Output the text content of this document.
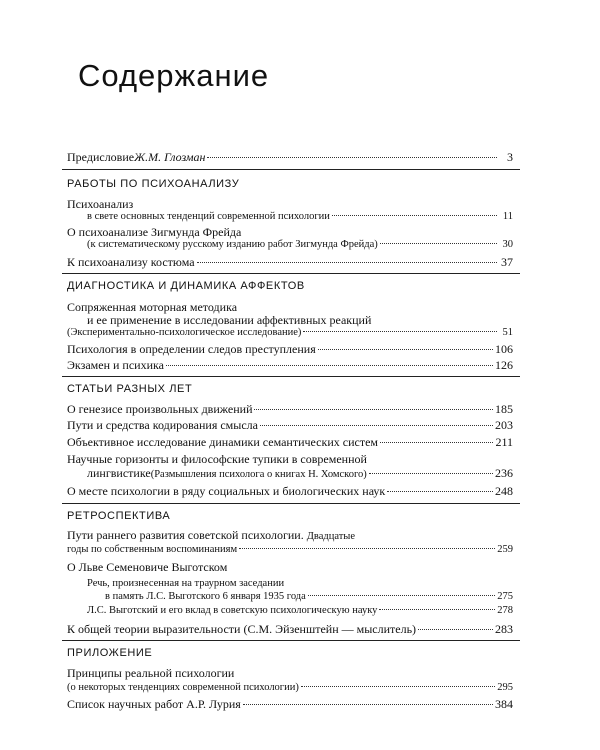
Содержание
Предисловие Ж.М. Глозман	3
РАБОТЫ ПО ПСИХОАНАЛИЗУ
Психоанализ
в свете основных тенденций современной психологии	11
О психоанализе Зигмунда Фрейда
(к систематическому русскому изданию работ Зигмунда Фрейда)	30
К психоанализу костюма	37
ДИАГНОСТИКА И ДИНАМИКА АФФЕКТОВ
Сопряженная моторная методика
и ее применение в исследовании аффективных реакций
(Экспериментально-психологическое исследование)	51
Психология в определении следов преступления	106
Экзамен и психика	126
СТАТЬИ РАЗНЫХ ЛЕТ
О генезисе произвольных движений	185
Пути и средства кодирования смысла	203
Объективное исследование динамики семантических систем	211
Научные горизонты и философские тупики в современной
лингвистике (Размышления психолога о книгах Н. Хомского)	236
О месте психологии в ряду социальных и биологических наук	248
РЕТРОСПЕКТИВА
Пути раннего развития советской психологии. Двадцатые
годы по собственным воспоминаниям	259
О Льве Семеновиче Выготском
Речь, произнесенная на траурном заседании
в память Л.С. Выготского 6 января 1935 года	275
Л.С. Выготский и его вклад в советскую психологическую науку	278
К общей теории выразительности (С.М. Эйзенштейн — мыслитель)	283
ПРИЛОЖЕНИЕ
Принципы реальной психологии
(о некоторых тенденциях современной психологии)	295
Список научных работ А.Р. Лурия	384
